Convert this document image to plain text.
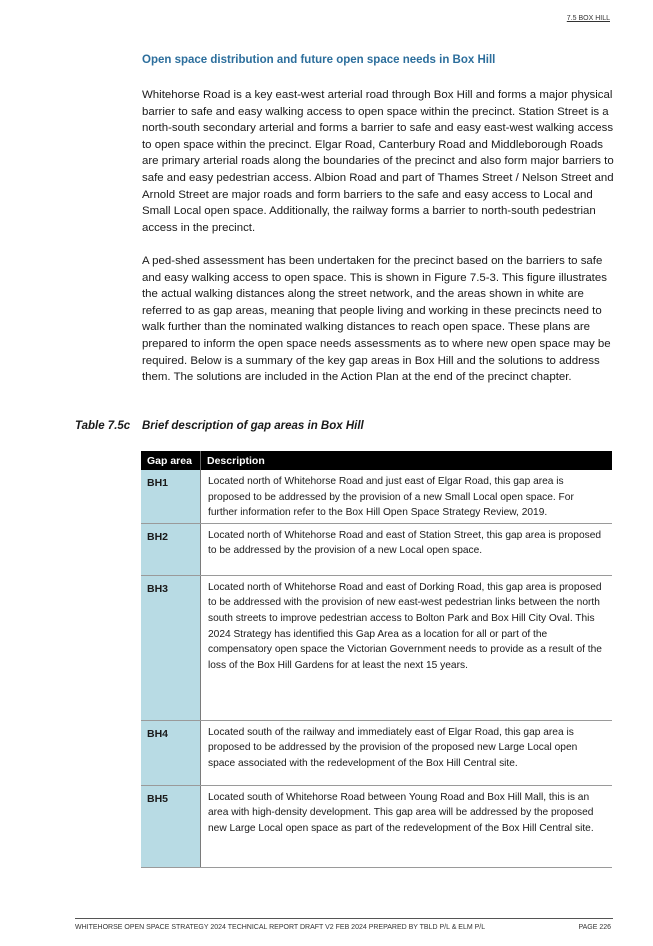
7.5 BOX HILL
Open space distribution and future open space needs in Box Hill

Whitehorse Road is a key east-west arterial road through Box Hill and forms a major physical barrier to safe and easy walking access to open space within the precinct. Station Street is a north-south secondary arterial and forms a barrier to safe and easy east-west walking access to open space within the precinct. Elgar Road, Canterbury Road and Middleborough Roads are primary arterial roads along the boundaries of the precinct and also form major barriers to safe and easy pedestrian access. Albion Road and part of Thames Street / Nelson Street and Arnold Street are major roads and form barriers to the safe and easy access to Local and Small Local open space. Additionally, the railway forms a barrier to north-south pedestrian access in the precinct.

A ped-shed assessment has been undertaken for the precinct based on the barriers to safe and easy walking access to open space. This is shown in Figure 7.5-3. This figure illustrates the actual walking distances along the street network, and the areas shown in white are referred to as gap areas, meaning that people living and working in these precincts need to walk further than the nominated walking distances to reach open space. These plans are prepared to inform the open space needs assessments as to where new open space may be required. Below is a summary of the key gap areas in Box Hill and the solutions to address them. The solutions are included in the Action Plan at the end of the precinct chapter.

Table 7.5c Brief description of gap areas in Box Hill

Gap area	Description
BH1	Located north of Whitehorse Road and just east of Elgar Road, this gap area is proposed to be addressed by the provision of a new Small Local open space. For further information refer to the Box Hill Open Space Strategy Review, 2019.
BH2	Located north of Whitehorse Road and east of Station Street, this gap area is proposed to be addressed by the provision of a new Local open space.
BH3	Located north of Whitehorse Road and east of Dorking Road, this gap area is proposed to be addressed with the provision of new east-west pedestrian links between the north south streets to improve pedestrian access to Bolton Park and Box Hill City Oval. This 2024 Strategy has identified this Gap Area as a location for all or part of the compensatory open space the Victorian Government needs to provide as a result of the loss of the Box Hill Gardens for at least the next 15 years.
BH4	Located south of the railway and immediately east of Elgar Road, this gap area is proposed to be addressed by the provision of the proposed new Large Local open space associated with the redevelopment of the Box Hill Central site.
BH5	Located south of Whitehorse Road between Young Road and Box Hill Mall, this is an area with high-density development. This gap area will be addressed by the proposed new Large Local open space as part of the redevelopment of the Box Hill Central site.
WHITEHORSE OPEN SPACE STRATEGY 2024 TECHNICAL REPORT DRAFT V2 FEB 2024 PREPARED BY TBLD P/L & ELM P/L	PAGE 226
